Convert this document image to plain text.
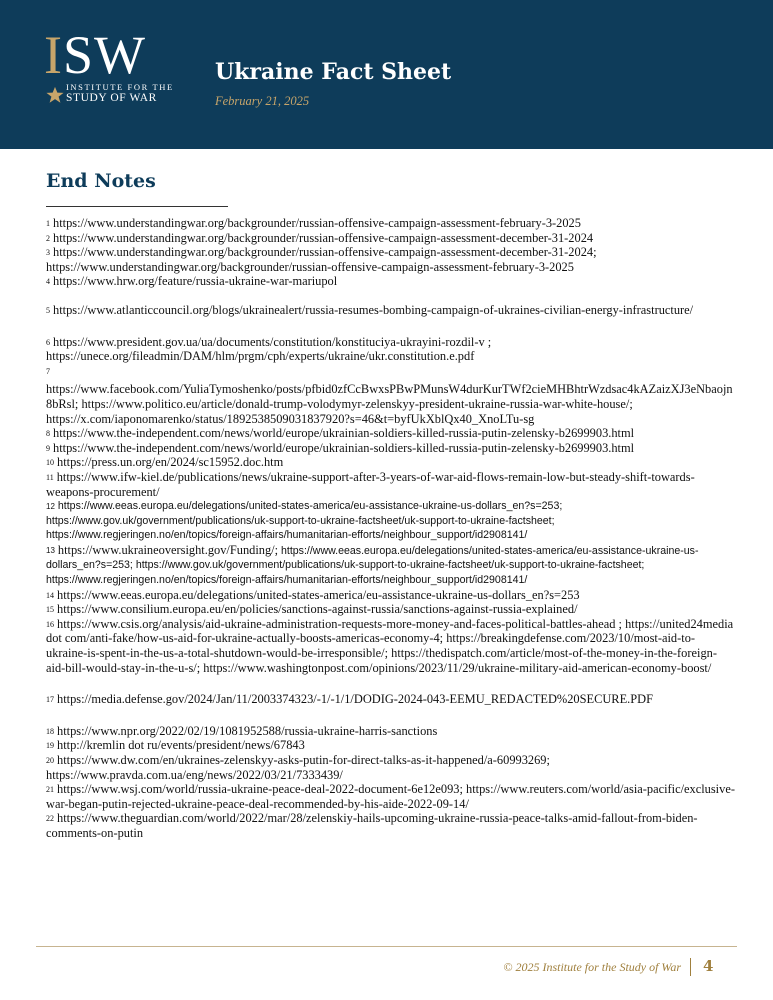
ISW
INSTITUTE FOR THE
STUDY OF WAR
Ukraine Fact Sheet
February 21, 2025
End Notes

$^1$ https://www.understandingwar.org/backgrounder/russian-offensive-campaign-assessment-february-3-2025

$^2$ https://www.understandingwar.org/backgrounder/russian-offensive-campaign-assessment-december-31-2024

$^3$ https://www.understandingwar.org/backgrounder/russian-offensive-campaign-assessment-december-31-2024; https://www.understandingwar.org/backgrounder/russian-offensive-campaign-assessment-february-3-2025

$^4$ https://www.hrw.org/feature/russia-ukraine-war-mariupol

$^5$ https://www.atlanticcouncil.org/blogs/ukrainealert/russia-resumes-bombing-campaign-of-ukraines-civilian-energy-infrastructure/

$^6$ https://www.president.gov.ua/ua/documents/constitution/konstituciya-ukrayini-rozdil-v ; https://unece.org/fileadmin/DAM/hlm/prgm/cph/experts/ukraine/ukr.constitution.e.pdf

7
https://www.facebook.com/YuliaTymoshenko/posts/pfbid0zfCcBwxsPBwPMunsW4durKurTWf2cieMHBhtrWzdsac4kAZaizXJ3eNbaojn8bRsl; https://www.politico.eu/article/donald-trump-volodymyr-zelenskyy-president-ukraine-russia-war-white-house/; https://x.com/iaponomarenko/status/1892538509031837920?s=46&t=byfUkXblQx40_XnoLTu-sg

$^8$ https://www.the-independent.com/news/world/europe/ukrainian-soldiers-killed-russia-putin-zelensky-b2699903.html

$^9$ https://www.the-independent.com/news/world/europe/ukrainian-soldiers-killed-russia-putin-zelensky-b2699903.html

$^{10}$ https://press.un.org/en/2024/sc15952.doc.htm

$^{11}$ https://www.ifw-kiel.de/publications/news/ukraine-support-after-3-years-of-war-aid-flows-remain-low-but-steady-shift-towards-weapons-procurement/

$^{12}$ https://www.eeas.europa.eu/delegations/united-states-america/eu-assistance-ukraine-us-dollars_en?s=253; https://www.gov.uk/government/publications/uk-support-to-ukraine-factsheet/uk-support-to-ukraine-factsheet; https://www.regjeringen.no/en/topics/foreign-affairs/humanitarian-efforts/neighbour_support/id2908141/

$^{13}$ https://www.ukraineoversight.gov/Funding/; https://www.eeas.europa.eu/delegations/united-states-america/eu-assistance-ukraine-us-dollars_en?s=253; https://www.gov.uk/government/publications/uk-support-to-ukraine-factsheet/uk-support-to-ukraine-factsheet; https://www.regjeringen.no/en/topics/foreign-affairs/humanitarian-efforts/neighbour_support/id2908141/

$^{14}$ https://www.eeas.europa.eu/delegations/united-states-america/eu-assistance-ukraine-us-dollars_en?s=253

$^{15}$ https://www.consilium.europa.eu/en/policies/sanctions-against-russia/sanctions-against-russia-explained/

$^{16}$ https://www.csis.org/analysis/aid-ukraine-administration-requests-more-money-and-faces-political-battles-ahead ; https://united24media dot com/anti-fake/how-us-aid-for-ukraine-actually-boosts-americas-economy-4; https://breakingdefense.com/2023/10/most-aid-to-ukraine-is-spent-in-the-us-a-total-shutdown-would-be-irresponsible/; https://thedispatch.com/article/most-of-the-money-in-the-foreign-aid-bill-would-stay-in-the-u-s/; https://www.washingtonpost.com/opinions/2023/11/29/ukraine-military-aid-american-economy-boost/

$^{17}$ https://media.defense.gov/2024/Jan/11/2003374323/-1/-1/1/DODIG-2024-043-EEMU_REDACTED%20SECURE.PDF

$^{18}$ https://www.npr.org/2022/02/19/1081952588/russia-ukraine-harris-sanctions

$^{19}$ http://kremlin dot ru/events/president/news/67843

$^{20}$ https://www.dw.com/en/ukraines-zelenskyy-asks-putin-for-direct-talks-as-it-happened/a-60993269; https://www.pravda.com.ua/eng/news/2022/03/21/7333439/

$^{21}$ https://www.wsj.com/world/russia-ukraine-peace-deal-2022-document-6e12e093; https://www.reuters.com/world/asia-pacific/exclusive-war-began-putin-rejected-ukraine-peace-deal-recommended-by-his-aide-2022-09-14/

$^{22}$ https://www.theguardian.com/world/2022/mar/28/zelenskiy-hails-upcoming-ukraine-russia-peace-talks-amid-fallout-from-biden-comments-on-putin

© 2025 Institute for the Study of War 4
